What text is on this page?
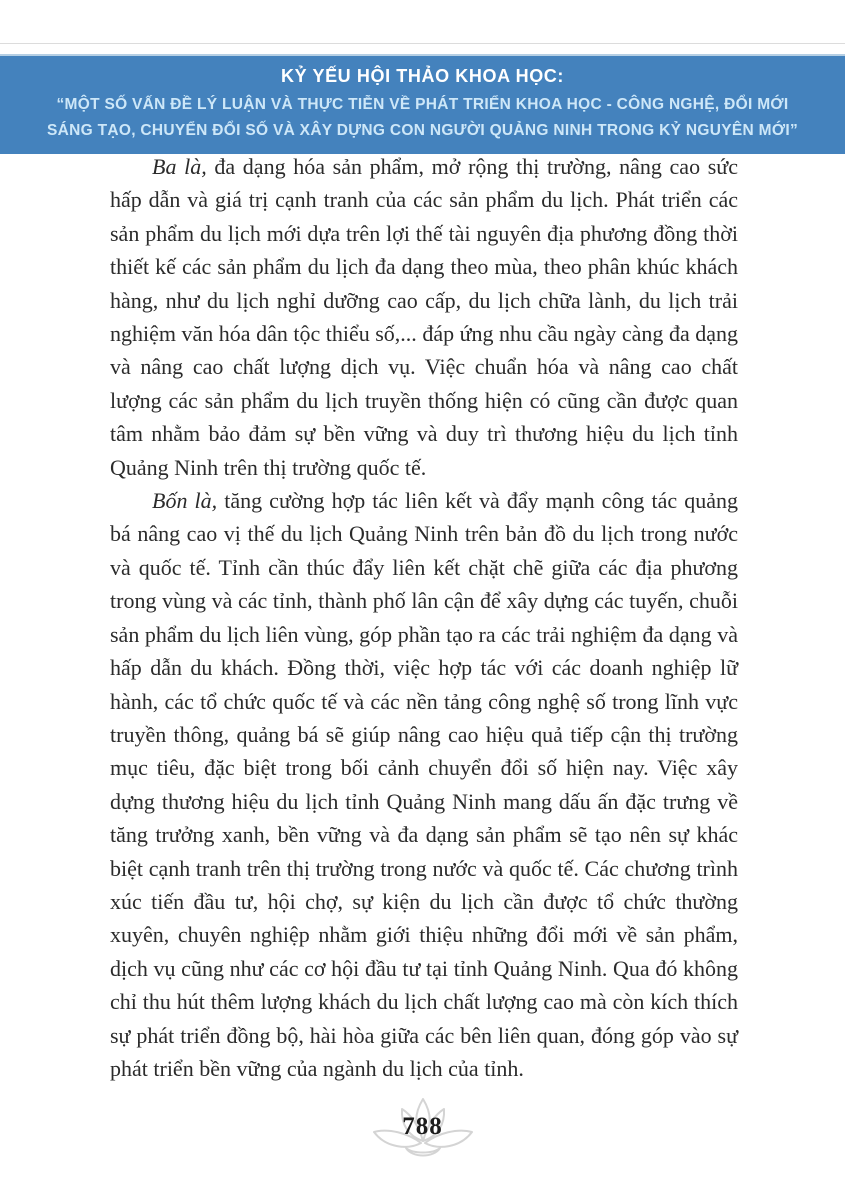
KỶ YẾU HỘI THẢO KHOA HỌC:
“MỘT SỐ VẤN ĐỀ LÝ LUẬN VÀ THỰC TIỄN VỀ PHÁT TRIỂN KHOA HỌC - CÔNG NGHỆ, ĐỔI MỚI
SÁNG TẠO, CHUYỂN ĐỔI SỐ VÀ XÂY DỰNG CON NGƯỜI QUẢNG NINH TRONG KỶ NGUYÊN MỚI”

Ba là, đa dạng hóa sản phẩm, mở rộng thị trường, nâng cao sức hấp dẫn và giá trị cạnh tranh của các sản phẩm du lịch. Phát triển các sản phẩm du lịch mới dựa trên lợi thế tài nguyên địa phương đồng thời thiết kế các sản phẩm du lịch đa dạng theo mùa, theo phân khúc khách hàng, như du lịch nghỉ dưỡng cao cấp, du lịch chữa lành, du lịch trải nghiệm văn hóa dân tộc thiểu số,... đáp ứng nhu cầu ngày càng đa dạng và nâng cao chất lượng dịch vụ. Việc chuẩn hóa và nâng cao chất lượng các sản phẩm du lịch truyền thống hiện có cũng cần được quan tâm nhằm bảo đảm sự bền vững và duy trì thương hiệu du lịch tỉnh Quảng Ninh trên thị trường quốc tế.

Bốn là, tăng cường hợp tác liên kết và đẩy mạnh công tác quảng bá nâng cao vị thế du lịch Quảng Ninh trên bản đồ du lịch trong nước và quốc tế. Tỉnh cần thúc đẩy liên kết chặt chẽ giữa các địa phương trong vùng và các tỉnh, thành phố lân cận để xây dựng các tuyến, chuỗi sản phẩm du lịch liên vùng, góp phần tạo ra các trải nghiệm đa dạng và hấp dẫn du khách. Đồng thời, việc hợp tác với các doanh nghiệp lữ hành, các tổ chức quốc tế và các nền tảng công nghệ số trong lĩnh vực truyền thông, quảng bá sẽ giúp nâng cao hiệu quả tiếp cận thị trường mục tiêu, đặc biệt trong bối cảnh chuyển đổi số hiện nay. Việc xây dựng thương hiệu du lịch tỉnh Quảng Ninh mang dấu ấn đặc trưng về tăng trưởng xanh, bền vững và đa dạng sản phẩm sẽ tạo nên sự khác biệt cạnh tranh trên thị trường trong nước và quốc tế. Các chương trình xúc tiến đầu tư, hội chợ, sự kiện du lịch cần được tổ chức thường xuyên, chuyên nghiệp nhằm giới thiệu những đổi mới về sản phẩm, dịch vụ cũng như các cơ hội đầu tư tại tỉnh Quảng Ninh. Qua đó không chỉ thu hút thêm lượng khách du lịch chất lượng cao mà còn kích thích sự phát triển đồng bộ, hài hòa giữa các bên liên quan, đóng góp vào sự phát triển bền vững của ngành du lịch của tỉnh.

788
